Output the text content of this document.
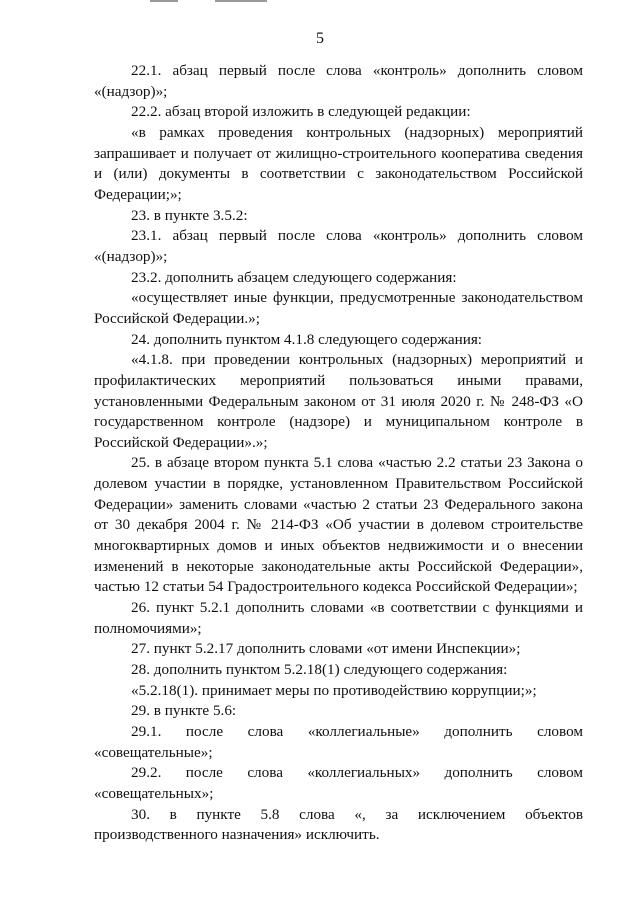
5

22.1. абзац первый после слова «контроль» дополнить словом «(надзор)»;

22.2. абзац второй изложить в следующей редакции:

«в рамках проведения контрольных (надзорных) мероприятий запрашивает и получает от жилищно-строительного кооператива сведения и (или) документы в соответствии с законодательством Российской Федерации;»;

23. в пункте 3.5.2:

23.1. абзац первый после слова «контроль» дополнить словом «(надзор)»;

23.2. дополнить абзацем следующего содержания:

«осуществляет иные функции, предусмотренные законодательством Российской Федерации.»;

24. дополнить пунктом 4.1.8 следующего содержания:

«4.1.8. при проведении контрольных (надзорных) мероприятий и профилактических мероприятий пользоваться иными правами, установленными Федеральным законом от 31 июля 2020 г. № 248-ФЗ «О государственном контроле (надзоре) и муниципальном контроле в Российской Федерации».»;

25. в абзаце втором пункта 5.1 слова «частью 2.2 статьи 23 Закона о долевом участии в порядке, установленном Правительством Российской Федерации» заменить словами «частью 2 статьи 23 Федерального закона от 30 декабря 2004 г. № 214-ФЗ «Об участии в долевом строительстве многоквартирных домов и иных объектов недвижимости и о внесении изменений в некоторые законодательные акты Российской Федерации», частью 12 статьи 54 Градостроительного кодекса Российской Федерации»;

26. пункт 5.2.1 дополнить словами «в соответствии с функциями и полномочиями»;

27. пункт 5.2.17 дополнить словами «от имени Инспекции»;

28. дополнить пунктом 5.2.18(1) следующего содержания:

«5.2.18(1). принимает меры по противодействию коррупции;»;

29. в пункте 5.6:

29.1. после слова «коллегиальные» дополнить словом «совещательные»;

29.2. после слова «коллегиальных» дополнить словом «совещательных»;

30. в пункте 5.8 слова «, за исключением объектов производственного назначения» исключить.
